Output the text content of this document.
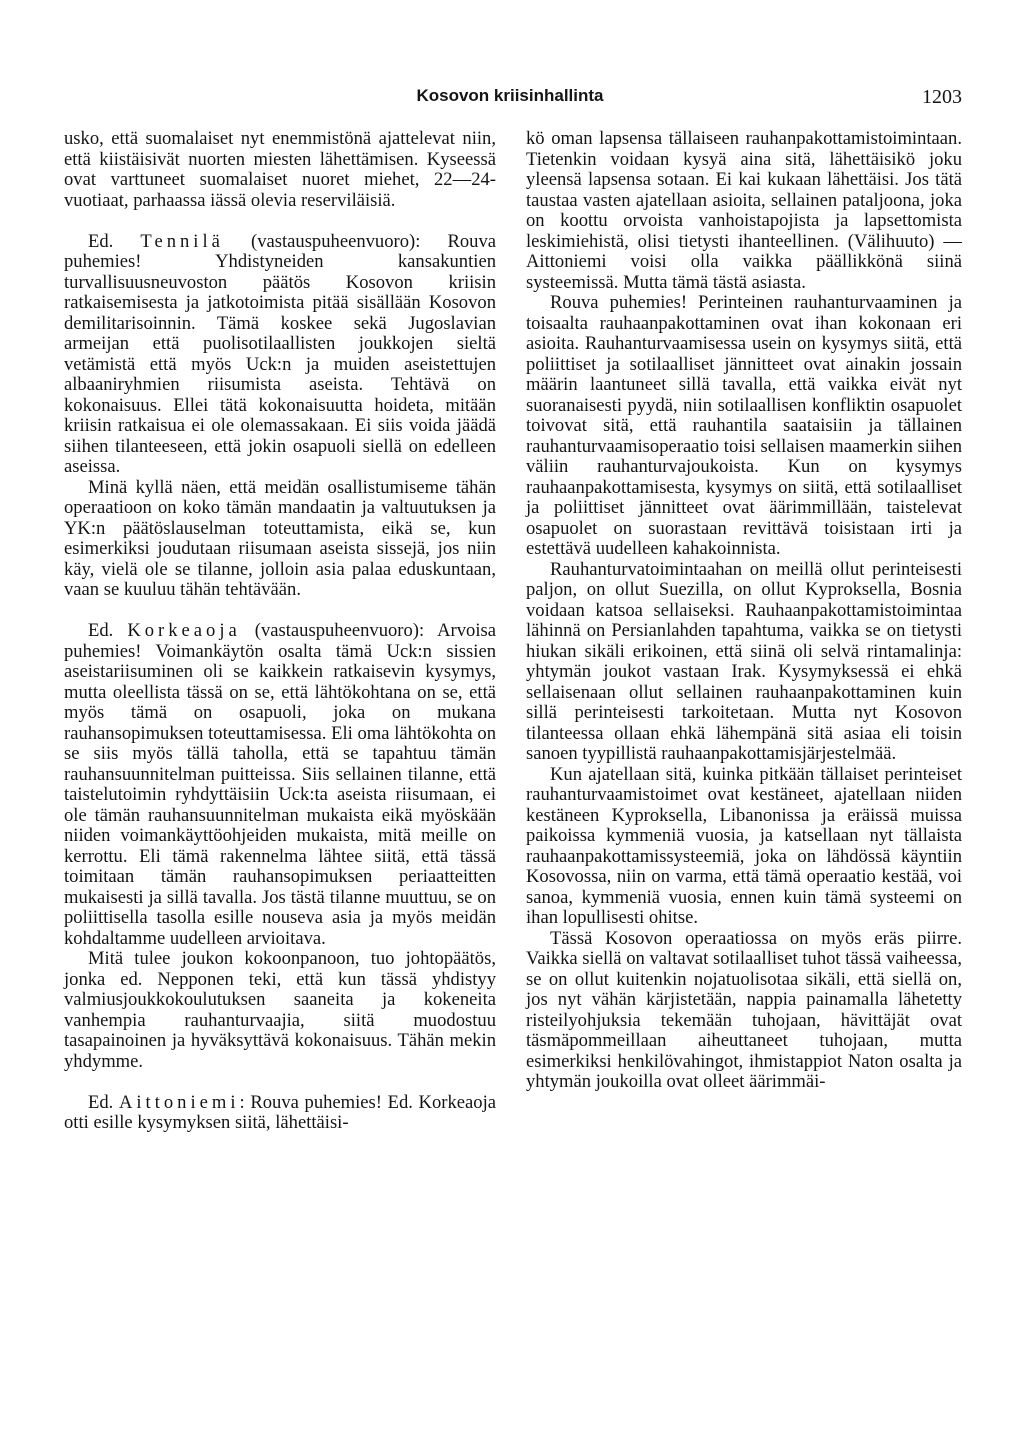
Kosovon kriisinhallinta	1203

usko, että suomalaiset nyt enemmistönä ajattelevat niin, että kiistäisivät nuorten miesten lähettämisen. Kyseessä ovat varttuneet suomalaiset nuoret miehet, 22—24-vuotiaat, parhaassa iässä olevia reserviläisiä.

Ed. Tennilä (vastauspuheenvuoro): Rouva puhemies! Yhdistyneiden kansakuntien turvallisuusneuvoston päätös Kosovon kriisin ratkaisemisesta ja jatkotoimista pitää sisällään Kosovon demilitarisoinnin. Tämä koskee sekä Jugoslavian armeijan että puolisotilaallisten joukkojen sieltä vetämistä että myös Uck:n ja muiden aseistettujen albaaniryhmien riisumista aseista. Tehtävä on kokonaisuus. Ellei tätä kokonaisuutta hoideta, mitään kriisin ratkaisua ei ole olemassakaan. Ei siis voida jäädä siihen tilanteeseen, että jokin osapuoli siellä on edelleen aseissa.

Minä kyllä näen, että meidän osallistumiseme tähän operaatioon on koko tämän mandaatin ja valtuutuksen ja YK:n päätöslauselman toteuttamista, eikä se, kun esimerkiksi joudutaan riisumaan aseista sissejä, jos niin käy, vielä ole se tilanne, jolloin asia palaa eduskuntaan, vaan se kuuluu tähän tehtävään.

Ed. Korkeaoja (vastauspuheenvuoro): Arvoisa puhemies! Voimankäytön osalta tämä Uck:n sissien aseistariisuminen oli se kaikkein ratkaisevin kysymys, mutta oleellista tässä on se, että lähtökohtana on se, että myös tämä on osapuoli, joka on mukana rauhansopimuksen toteuttamisessa. Eli oma lähtökohta on se siis myös tällä taholla, että se tapahtuu tämän rauhansuunnitelman puitteissa. Siis sellainen tilanne, että taistelutoimin ryhdyttäisiin Uck:ta aseista riisumaan, ei ole tämän rauhansuunnitelman mukaista eikä myöskään niiden voimankäyttöohjeiden mukaista, mitä meille on kerrottu. Eli tämä rakennelma lähtee siitä, että tässä toimitaan tämän rauhansopimuksen periaatteitten mukaisesti ja sillä tavalla. Jos tästä tilanne muuttuu, se on poliittisella tasolla esille nouseva asia ja myös meidän kohdaltamme uudelleen arvioitava.

Mitä tulee joukon kokoonpanoon, tuo johtopäätös, jonka ed. Nepponen teki, että kun tässä yhdistyy valmiusjoukkokoulutuksen saaneita ja kokeneita vanhempia rauhanturvaajia, siitä muodostuu tasapainoinen ja hyväksyttävä kokonaisuus. Tähän mekin yhdymme.

Ed. Aittoniemi: Rouva puhemies! Ed. Korkeaoja otti esille kysymyksen siitä, lähettäisi-

kö oman lapsensa tällaiseen rauhanpakottamistoimintaan. Tietenkin voidaan kysyä aina sitä, lähettäisikö joku yleensä lapsensa sotaan. Ei kai kukaan lähettäisi. Jos tätä taustaa vasten ajatellaan asioita, sellainen pataljoona, joka on koottu orvoista vanhoistapojista ja lapsettomista leskimiehistä, olisi tietysti ihanteellinen. (Välihuuto) — Aittoniemi voisi olla vaikka päällikkönä siinä systeemissä. Mutta tämä tästä asiasta.

Rouva puhemies! Perinteinen rauhanturvaaminen ja toisaalta rauhaanpakottaminen ovat ihan kokonaan eri asioita. Rauhanturvaamisessa usein on kysymys siitä, että poliittiset ja sotilaalliset jännitteet ovat ainakin jossain määrin laantuneet sillä tavalla, että vaikka eivät nyt suoranaisesti pyydä, niin sotilaallisen konfliktin osapuolet toivovat sitä, että rauhantila saataisiin ja tällainen rauhanturvaamisoperaatio toisi sellaisen maamerkin siihen väliin rauhanturvajoukoista. Kun on kysymys rauhaanpakottamisesta, kysymys on siitä, että sotilaalliset ja poliittiset jännitteet ovat äärimmillään, taistelevat osapuolet on suorastaan revittävä toisistaan irti ja estettävä uudelleen kahakoinnista.

Rauhanturvatoimintaahan on meillä ollut perinteisesti paljon, on ollut Suezilla, on ollut Kyproksella, Bosnia voidaan katsoa sellaiseksi. Rauhaanpakottamistoimintaa lähinnä on Persianlahden tapahtuma, vaikka se on tietysti hiukan sikäli erikoinen, että siinä oli selvä rintamalinja: yhtymän joukot vastaan Irak. Kysymyksessä ei ehkä sellaisenaan ollut sellainen rauhaanpakottaminen kuin sillä perinteisesti tarkoitetaan. Mutta nyt Kosovon tilanteessa ollaan ehkä lähempänä sitä asiaa eli toisin sanoen tyypillistä rauhaanpakottamisjärjestelmää.

Kun ajatellaan sitä, kuinka pitkään tällaiset perinteiset rauhanturvaamistoimet ovat kestäneet, ajatellaan niiden kestäneen Kyproksella, Libanonissa ja eräissä muissa paikoissa kymmeniä vuosia, ja katsellaan nyt tällaista rauhaanpakottamissysteemiä, joka on lähdössä käyntiin Kosovossa, niin on varma, että tämä operaatio kestää, voi sanoa, kymmeniä vuosia, ennen kuin tämä systeemi on ihan lopullisesti ohitse.

Tässä Kosovon operaatiossa on myös eräs piirre. Vaikka siellä on valtavat sotilaalliset tuhot tässä vaiheessa, se on ollut kuitenkin nojatuolisotaa sikäli, että siellä on, jos nyt vähän kärjistetään, nappia painamalla lähetetty risteilyohjuksia tekemään tuhojaan, hävittäjät ovat täsmäpommeillaan aiheuttaneet tuhojaan, mutta esimerkiksi henkilövahingot, ihmistappiot Naton osalta ja yhtymän joukoilla ovat olleet äärimmäi-
